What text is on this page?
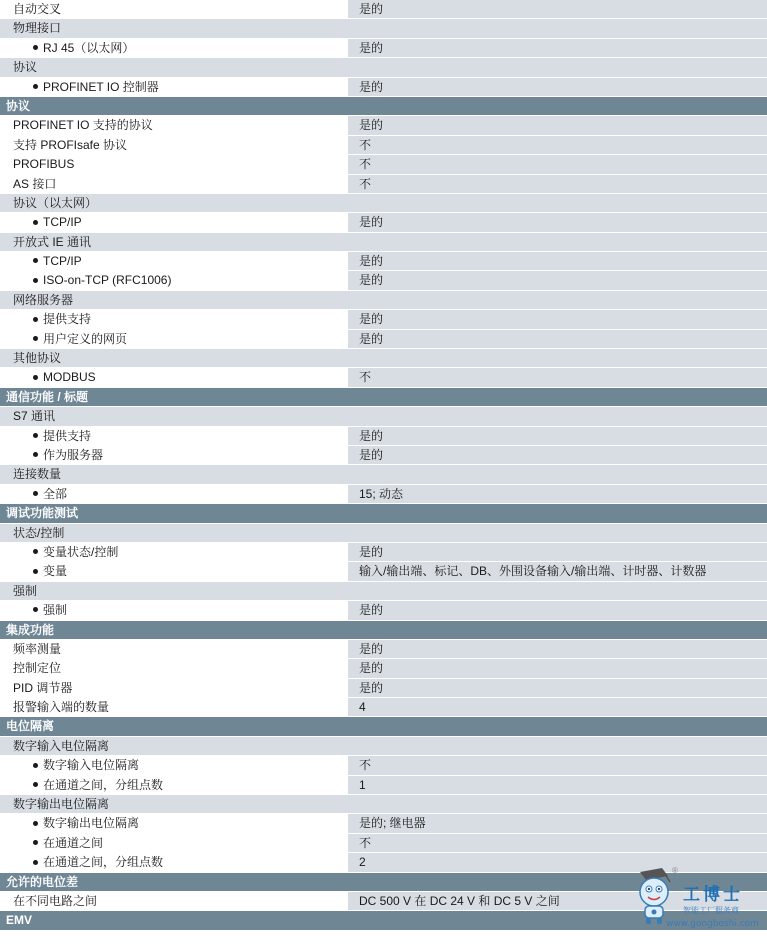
自动交叉	是的
物理接口
RJ 45（以太网）	是的
协议
PROFINET IO 控制器	是的
协议
PROFINET IO 支持的协议	是的
支持 PROFIsafe 协议	不
PROFIBUS	不
AS 接口	不
协议（以太网）
TCP/IP	是的
开放式 IE 通讯
TCP/IP	是的
ISO-on-TCP (RFC1006)	是的
网络服务器
提供支持	是的
用户定义的网页	是的
其他协议
MODBUS	不
通信功能 / 标题
S7 通讯
提供支持	是的
作为服务器	是的
连接数量
全部	15; 动态
调试功能测试
状态/控制
变量状态/控制	是的
变量	输入/输出端、标记、DB、外围设备输入/输出端、计时器、计数器
强制
强制	是的
集成功能
频率测量	是的
控制定位	是的
PID 调节器	是的
报警输入端的数量	4
电位隔离
数字输入电位隔离
数字输入电位隔离	不
在通道之间，分组点数	1
数字输出电位隔离
数字输出电位隔离	是的; 继电器
在通道之间	不
在通道之间，分组点数	2
允许的电位差
在不同电路之间	DC 500 V 在 DC 24 V 和 DC 5 V 之间
EMV
®
工博士
智能工厂服务商
www.gongboshi.com
